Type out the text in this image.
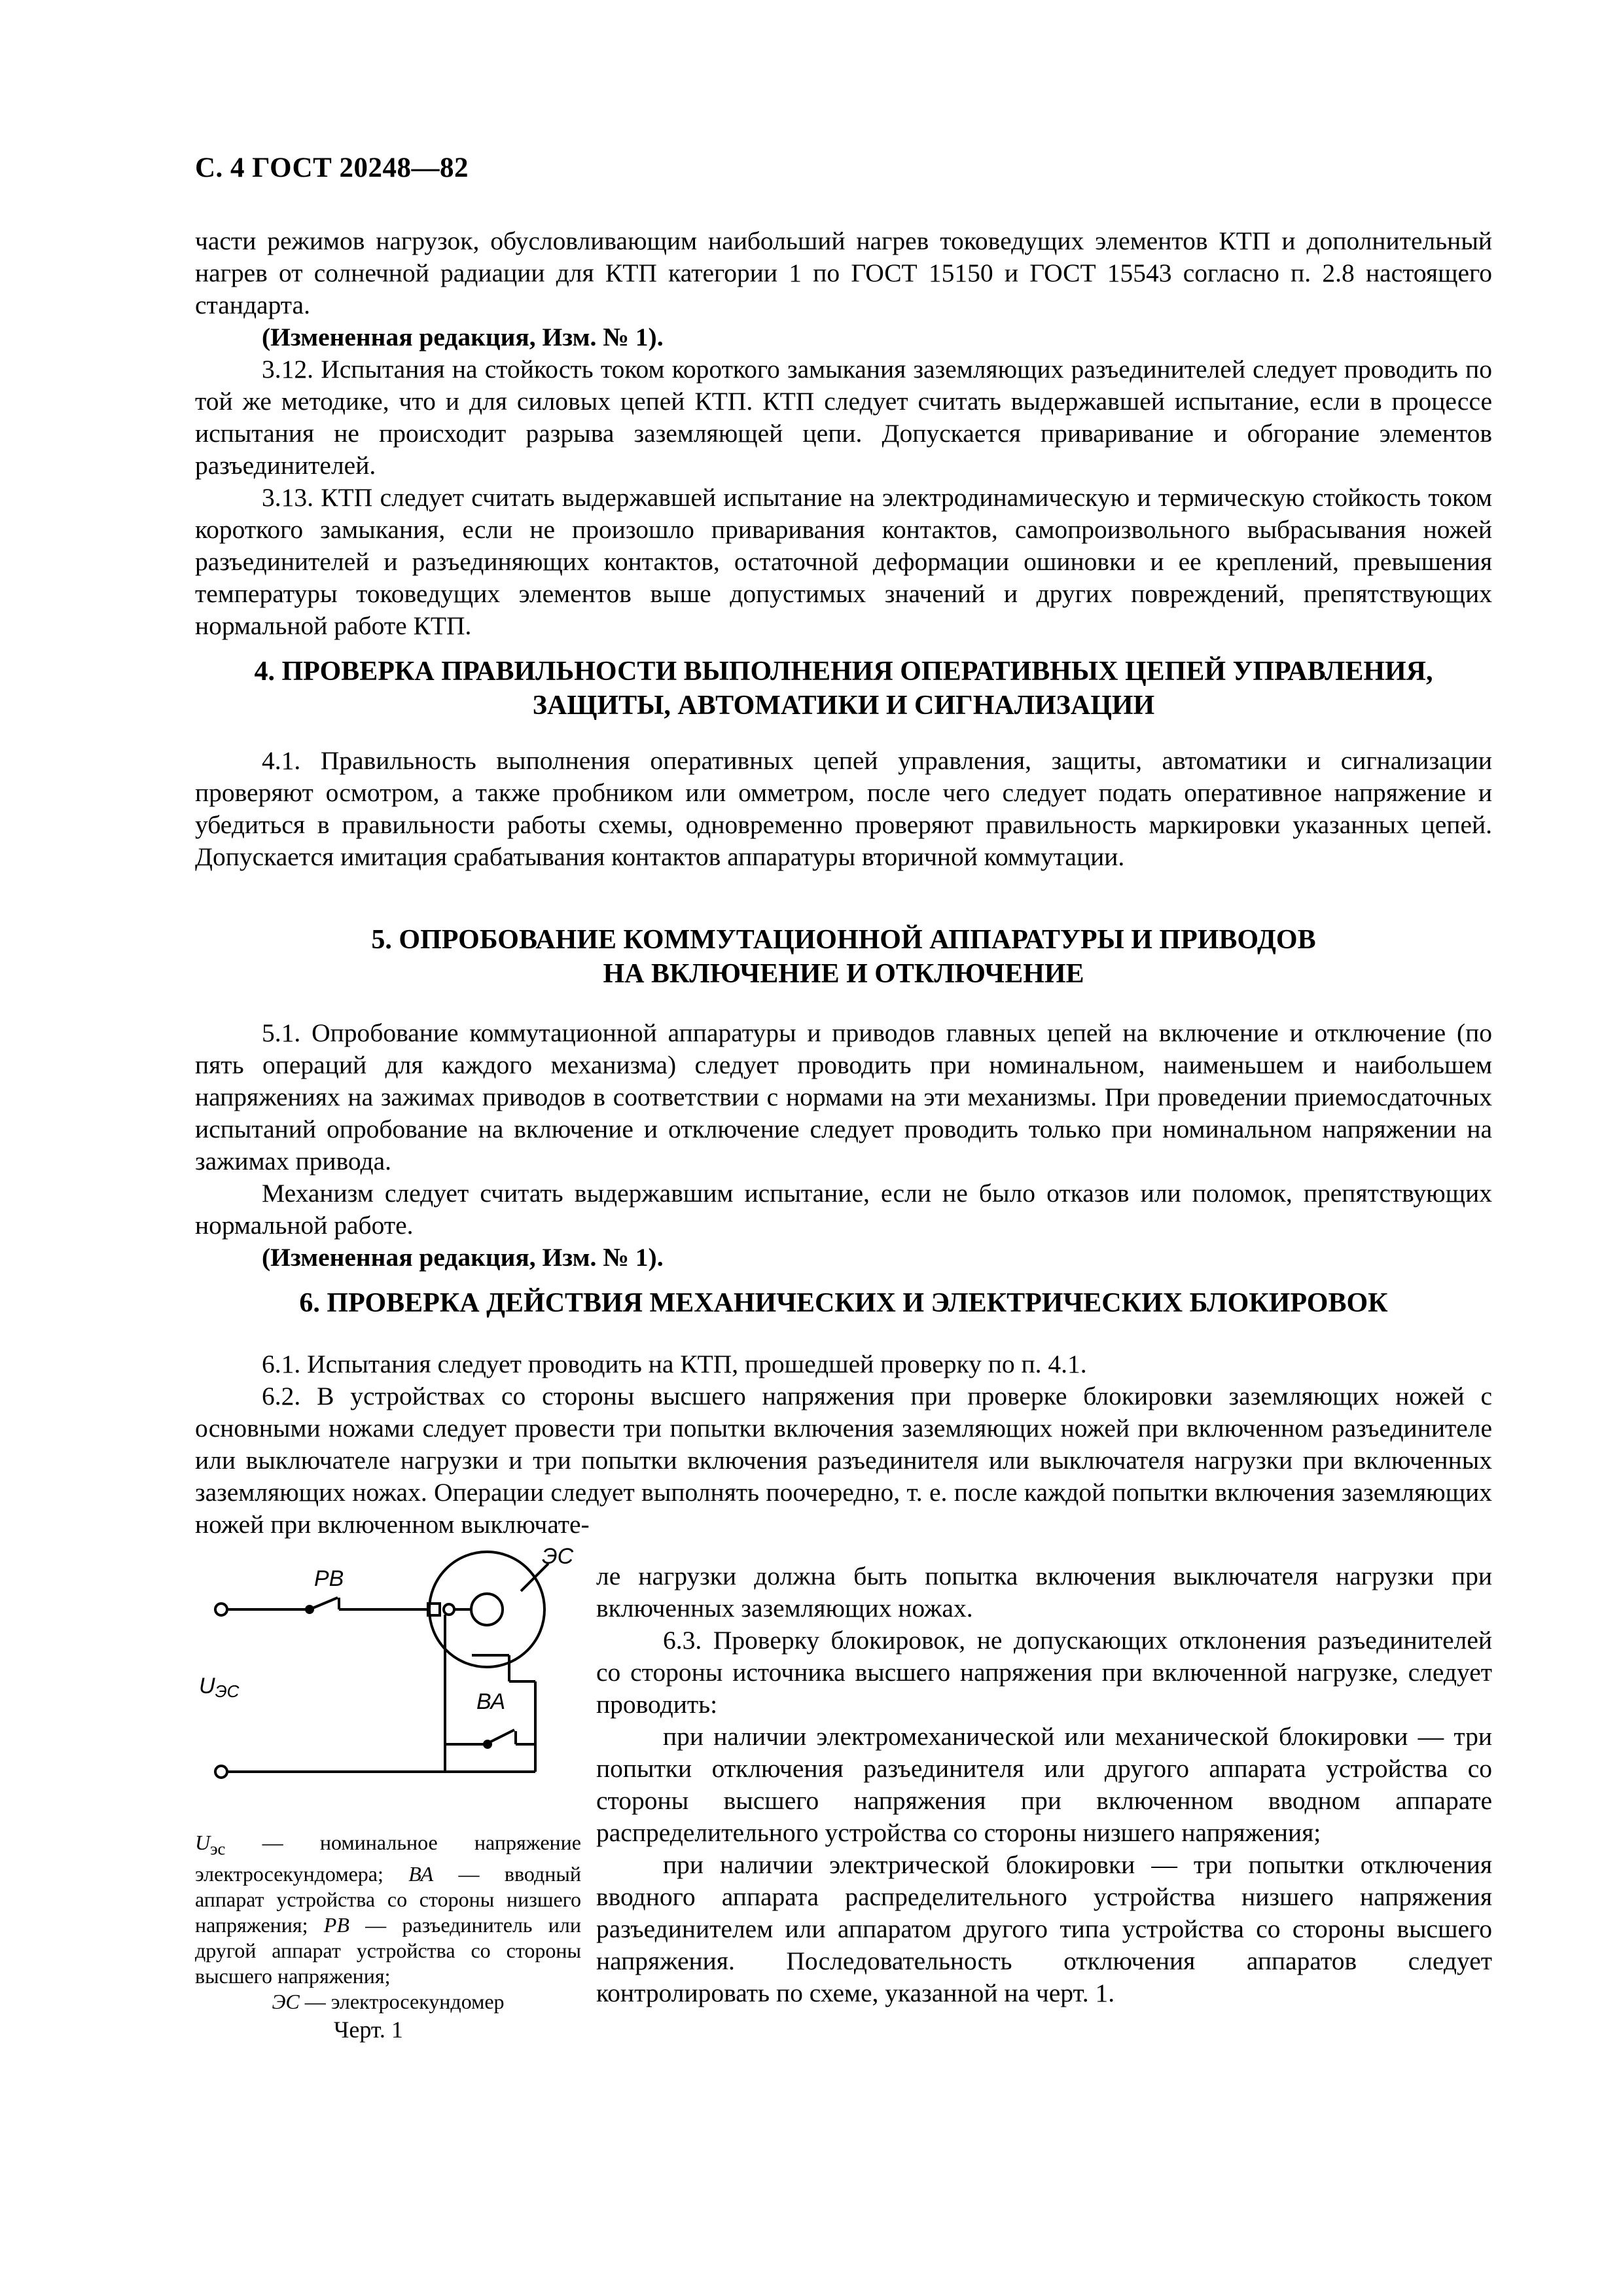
С. 4 ГОСТ 20248—82

части режимов нагрузок, обусловливающим наибольший нагрев токоведущих элементов КТП и дополнительный нагрев от солнечной радиации для КТП категории 1 по ГОСТ 15150 и ГОСТ 15543 согласно п. 2.8 настоящего стандарта.

(Измененная редакция, Изм. № 1).

3.12. Испытания на стойкость током короткого замыкания заземляющих разъединителей следует проводить по той же методике, что и для силовых цепей КТП. КТП следует считать выдержавшей испытание, если в процессе испытания не происходит разрыва заземляющей цепи. Допускается приваривание и обгорание элементов разъединителей.

3.13. КТП следует считать выдержавшей испытание на электродинамическую и термическую стойкость током короткого замыкания, если не произошло приваривания контактов, самопроизвольного выбрасывания ножей разъединителей и разъединяющих контактов, остаточной деформации ошиновки и ее креплений, превышения температуры токоведущих элементов выше допустимых значений и других повреждений, препятствующих нормальной работе КТП.

4. ПРОВЕРКА ПРАВИЛЬНОСТИ ВЫПОЛНЕНИЯ ОПЕРАТИВНЫХ ЦЕПЕЙ УПРАВЛЕНИЯ,

ЗАЩИТЫ, АВТОМАТИКИ И СИГНАЛИЗАЦИИ

4.1. Правильность выполнения оперативных цепей управления, защиты, автоматики и сигнализации проверяют осмотром, а также пробником или омметром, после чего следует подать оперативное напряжение и убедиться в правильности работы схемы, одновременно проверяют правильность маркировки указанных цепей. Допускается имитация срабатывания контактов аппаратуры вторичной коммутации.

5. ОПРОБОВАНИЕ КОММУТАЦИОННОЙ АППАРАТУРЫ И ПРИВОДОВ

НА ВКЛЮЧЕНИЕ И ОТКЛЮЧЕНИЕ

5.1. Опробование коммутационной аппаратуры и приводов главных цепей на включение и отключение (по пять операций для каждого механизма) следует проводить при номинальном, наименьшем и наибольшем напряжениях на зажимах приводов в соответствии с нормами на эти механизмы. При проведении приемосдаточных испытаний опробование на включение и отключение следует проводить только при номинальном напряжении на зажимах привода.

Механизм следует считать выдержавшим испытание, если не было отказов или поломок, препятствующих нормальной работе.

(Измененная редакция, Изм. № 1).

6. ПРОВЕРКА ДЕЙСТВИЯ МЕХАНИЧЕСКИХ И ЭЛЕКТРИЧЕСКИХ БЛОКИРОВОК

6.1. Испытания следует проводить на КТП, прошедшей проверку по п. 4.1.

6.2. В устройствах со стороны высшего напряжения при проверке блокировки заземляющих ножей с основными ножами следует провести три попытки включения заземляющих ножей при включенном разъединителе или выключателе нагрузки и три попытки включения разъединителя или выключателя нагрузки при включенных заземляющих ножах. Операции следует выполнять поочередно, т. е. после каждой попытки включения заземляющих ножей при включенном выключате-

РВ
ЭС
ВА
UЭС
$U_{эс}$ — номинальное напряжение электросекундомера; ВА — вводный аппарат устройства со стороны низшего напряжения; РВ — разъединитель или другой аппарат устройства со стороны высшего напряжения;
ЭС — электросекундомер
Черт. 1

ле нагрузки должна быть попытка включения выключателя нагрузки при включенных заземляющих ножах.

6.3. Проверку блокировок, не допускающих отклонения разъединителей со стороны источника высшего напряжения при включенной нагрузке, следует проводить:

при наличии электромеханической или механической блокировки — три попытки отключения разъединителя или другого аппарата устройства со стороны высшего напряжения при включенном вводном аппарате распределительного устройства со стороны низшего напряжения;

при наличии электрической блокировки — три попытки отключения вводного аппарата распределительного устройства низшего напряжения разъединителем или аппаратом другого типа устройства со стороны высшего напряжения. Последовательность отключения аппаратов следует контролировать по схеме, указанной на черт. 1.
